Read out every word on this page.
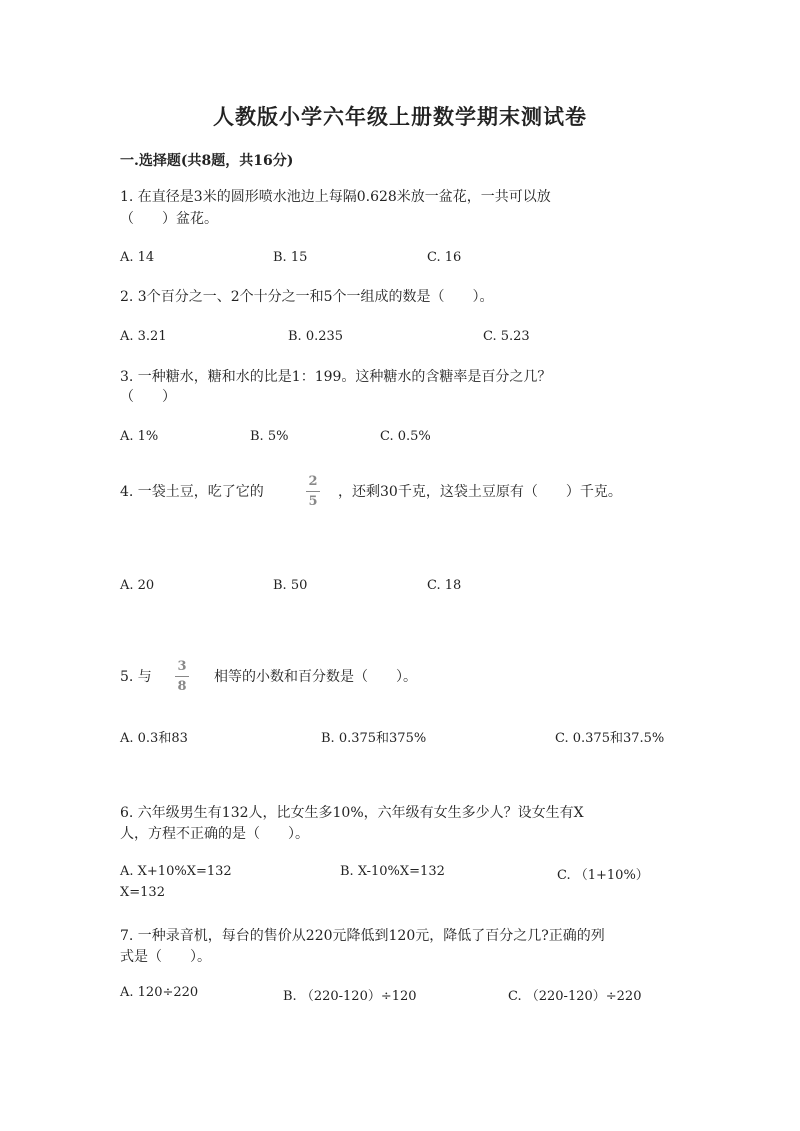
人教版小学六年级上册数学期末测试卷
一.选择题(共8题，共16分)
1. 在直径是3米的圆形喷水池边上每隔0.628米放一盆花，一共可以放
（　　）盆花。
A. 14	B. 15	C. 16
2. 3个百分之一、2个十分之一和5个一组成的数是（　　）。
A. 3.21	B. 0.235	C. 5.23
3. 一种糖水，糖和水的比是1：199。这种糖水的含糖率是百分之几？
（　　）
A. 1%	B. 5%	C. 0.5%
4. 一袋土豆，吃了它的
2
5
，还剩30千克，这袋土豆原有（　　）千克。
A. 20	B. 50	C. 18
5. 与
3
8
相等的小数和百分数是（　　）。
A. 0.3和83	B. 0.375和375%	C. 0.375和37.5%
6. 六年级男生有132人，比女生多10%，六年级有女生多少人？设女生有X
人，方程不正确的是（　　）。
A. X+10%X=132	B. X-10%X=132	C. （1+10%）
X=132
7. 一种录音机，每台的售价从220元降低到120元，降低了百分之几?正确的列
式是（　　）。
A. 120÷220	B. （220-120）÷120	C. （220-120）÷220
